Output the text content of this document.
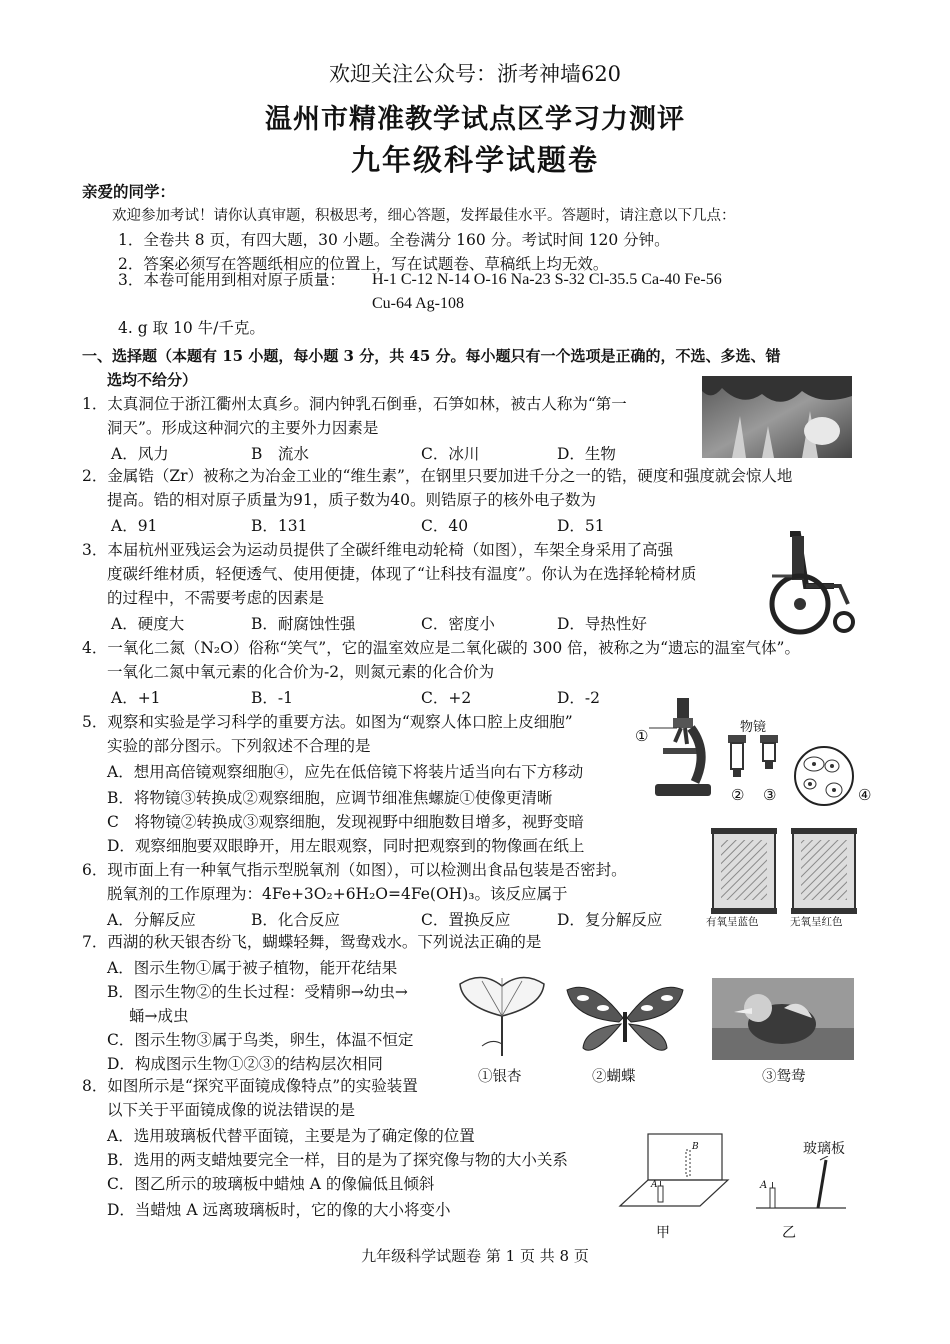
欢迎关注公众号：浙考神墙620
温州市精准教学试点区学习力测评
九年级科学试题卷
亲爱的同学：
欢迎参加考试！请你认真审题，积极思考，细心答题，发挥最佳水平。答题时，请注意以下几点：
1．全卷共 8 页，有四大题，30 小题。全卷满分 160 分。考试时间 120 分钟。
2．答案必须写在答题纸相应的位置上，写在试题卷、草稿纸上均无效。
3．本卷可能用到相对原子质量： H-1 C-12 N-14 O-16 Na-23 S-32 Cl-35.5 Ca-40 Fe-56
Cu-64 Ag-108
4. g 取 10 牛/千克。
一、选择题（本题有 15 小题，每小题 3 分，共 45 分。每小题只有一个选项是正确的，不选、多选、错
选均不给分）
1．太真洞位于浙江衢州太真乡。洞内钟乳石倒垂，石笋如林，被古人称为“第一
洞天”。形成这种洞穴的主要外力因素是
A．风力	B　流水	C．冰川	D．生物
2．金属锆（Zr）被称之为冶金工业的“维生素”，在钢里只要加进千分之一的锆，硬度和强度就会惊人地
提高。锆的相对原子质量为91，质子数为40。则锆原子的核外电子数为
A．91	B．131	C．40	D．51
3．本届杭州亚残运会为运动员提供了全碳纤维电动轮椅（如图），车架全身采用了高强
度碳纤维材质，轻便透气、使用便捷，体现了“让科技有温度”。你认为在选择轮椅材质
的过程中，不需要考虑的因素是
A．硬度大	B．耐腐蚀性强	C．密度小	D．导热性好
4．一氧化二氮（N₂O）俗称“笑气”，它的温室效应是二氧化碳的 300 倍，被称之为“遗忘的温室气体”。
一氧化二氮中氧元素的化合价为-2，则氮元素的化合价为
A．+1	B．-1	C．+2	D．-2
5．观察和实验是学习科学的重要方法。如图为“观察人体口腔上皮细胞”
实验的部分图示。下列叙述不合理的是
A．想用高倍镜观察细胞④，应先在低倍镜下将装片适当向右下方移动
B．将物镜③转换成②观察细胞，应调节细准焦螺旋①使像更清晰
C　将物镜②转换成③观察细胞，发现视野中细胞数目增多，视野变暗
D．观察细胞要双眼睁开，用左眼观察，同时把观察到的物像画在纸上
①	物镜
② ③	④
6．现市面上有一种氧气指示型脱氧剂（如图），可以检测出食品包装是否密封。
脱氧剂的工作原理为：4Fe+3O₂+6H₂O=4Fe(OH)₃。该反应属于
A．分解反应	B．化合反应	C．置换反应	D．复分解反应	有氧呈蓝色	无氧呈红色
7．西湖的秋天银杏纷飞，蝴蝶轻舞，鸳鸯戏水。下列说法正确的是
A．图示生物①属于被子植物，能开花结果
B．图示生物②的生长过程：受精卵→幼虫→
蛹→成虫
C．图示生物③属于鸟类，卵生，体温不恒定
D．构成图示生物①②③的结构层次相同
①银杏	②蝴蝶	③鸳鸯
8．如图所示是“探究平面镜成像特点”的实验装置
以下关于平面镜成像的说法错误的是
A．选用玻璃板代替平面镜，主要是为了确定像的位置
B．选用的两支蜡烛要完全一样，目的是为了探究像与物的大小关系
C．图乙所示的玻璃板中蜡烛 A 的像偏低且倾斜
D．当蜡烛 A 远离玻璃板时，它的像的大小将变小
B
A
甲
玻璃板
A
乙
九年级科学试题卷 第 1 页 共 8 页
